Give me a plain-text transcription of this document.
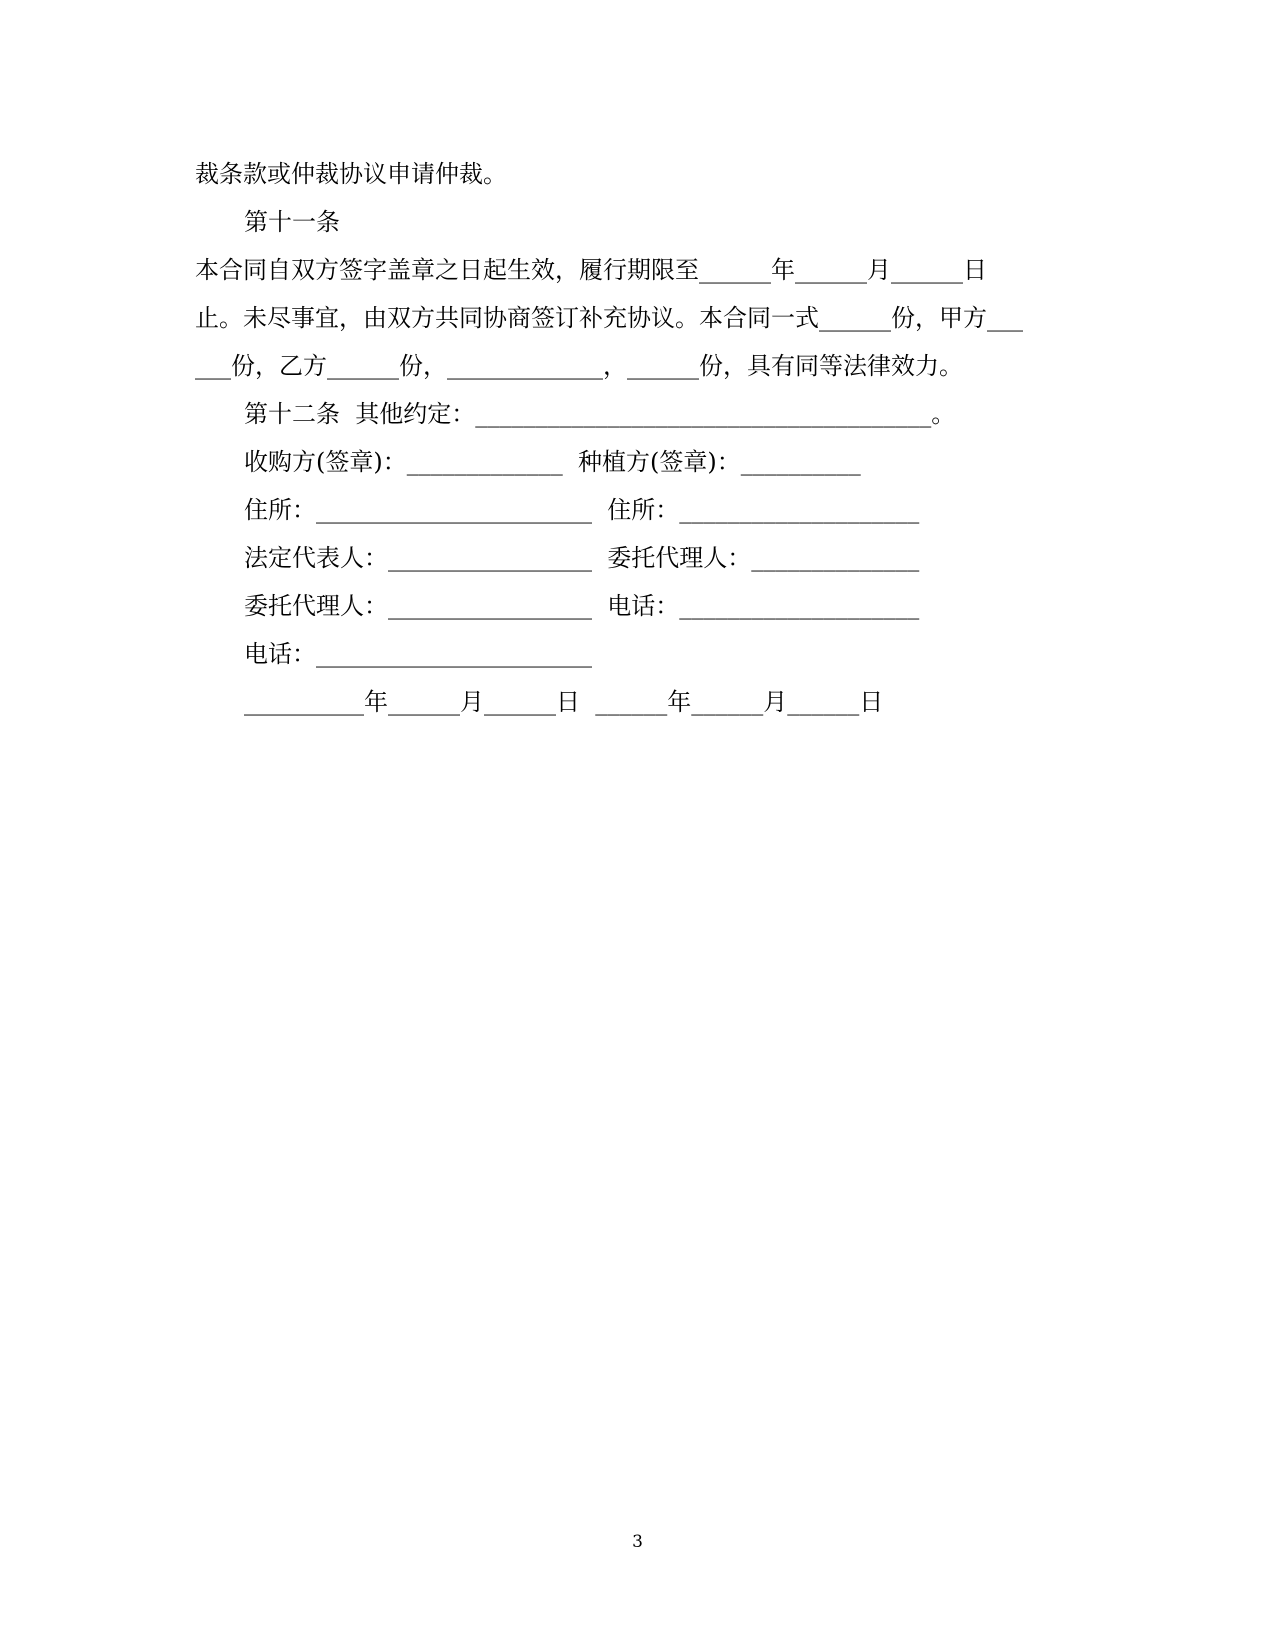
裁条款或仲裁协议申请仲裁。
第十一条
本合同自双方签字盖章之日起生效，履行期限至______年______月______日
止。未尽事宜，由双方共同协商签订补充协议。本合同一式______份，甲方___
___份，乙方______份，_____________，______份，具有同等法律效力。
第十二条  其他约定：______________________________________。
收购方(签章)：_____________  种植方(签章)：__________
住所：_______________________  住所：____________________
法定代表人：_________________  委托代理人：______________
委托代理人：_________________  电话：____________________
电话：_______________________
__________年______月______日  ______年______月______日
3
